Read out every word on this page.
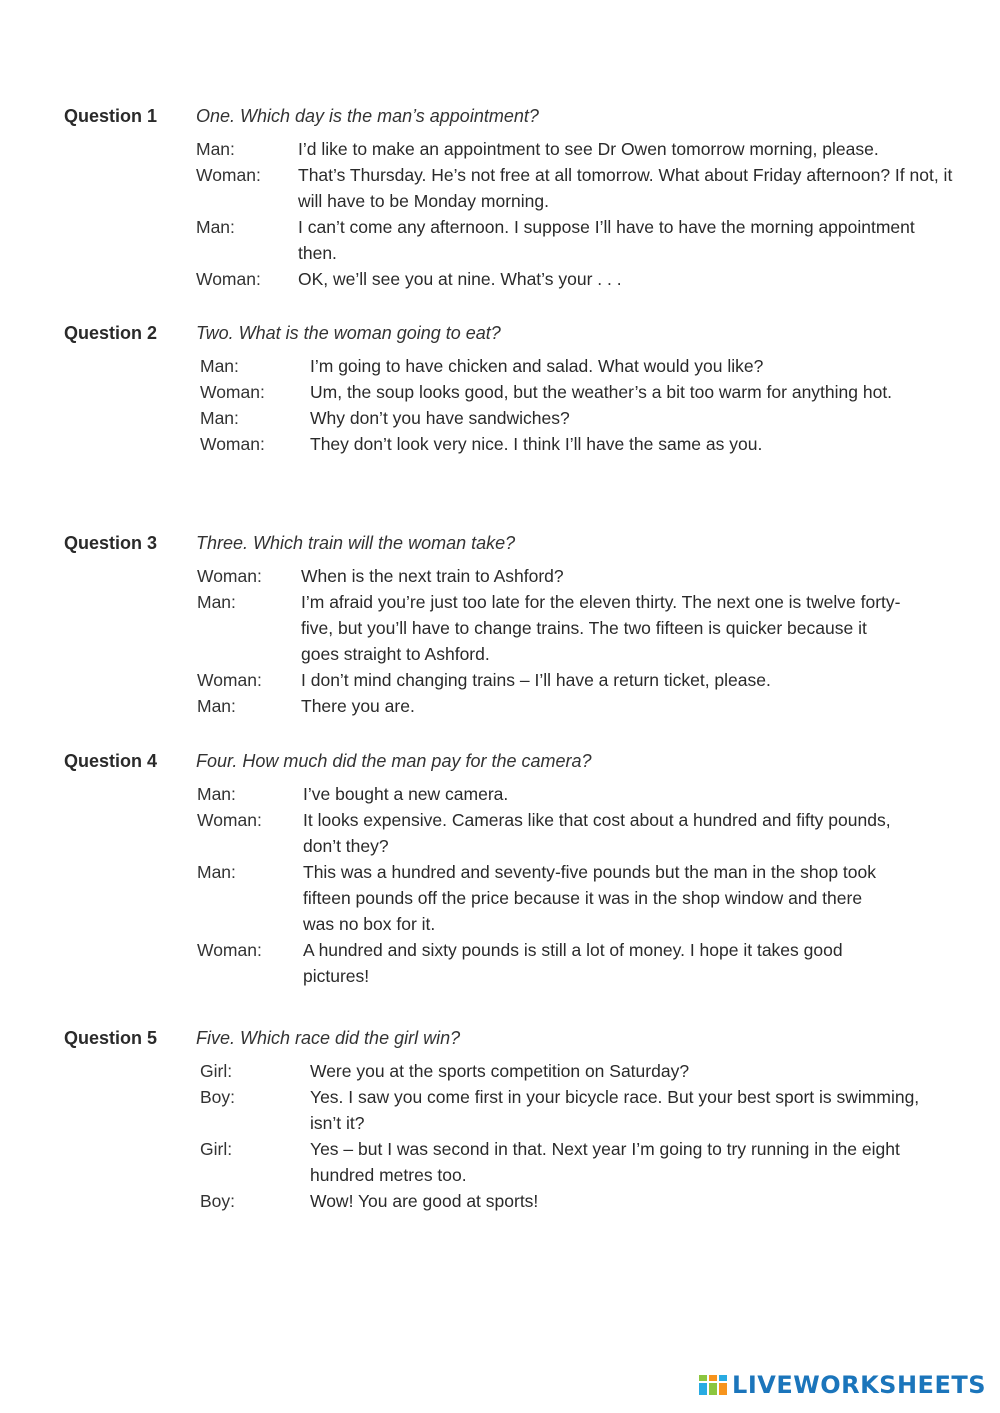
Question 1 One. Which day is the man’s appointment?
Man:	I’d like to make an appointment to see Dr Owen tomorrow morning, please.
Woman: That’s Thursday. He’s not free at all tomorrow. What about Friday afternoon? If not, it will have to be Monday morning.
Man:	I can’t come any afternoon. I suppose I’ll have to have the morning appointment then.
Woman: OK, we’ll see you at nine. What’s your . . .
Question 2 Two. What is the woman going to eat?
Man:	I’m going to have chicken and salad. What would you like?
Woman:	Um, the soup looks good, but the weather’s a bit too warm for anything hot.
Man:	Why don’t you have sandwiches?
Woman:	They don’t look very nice. I think I’ll have the same as you.
Question 3 Three. Which train will the woman take?
Woman: When is the next train to Ashford?
Man:	I’m afraid you’re just too late for the eleven thirty. The next one is twelve forty-five, but you’ll have to change trains. The two fifteen is quicker because it goes straight to Ashford.
Woman: I don’t mind changing trains – I’ll have a return ticket, please.
Man:	There you are.
Question 4 Four. How much did the man pay for the camera?
Man:	I’ve bought a new camera.
Woman: It looks expensive. Cameras like that cost about a hundred and fifty pounds, don’t they?
Man:	This was a hundred and seventy-five pounds but the man in the shop took fifteen pounds off the price because it was in the shop window and there was no box for it.
Woman: A hundred and sixty pounds is still a lot of money. I hope it takes good pictures!
Question 5 Five. Which race did the girl win?
Girl:	Were you at the sports competition on Saturday?
Boy:	Yes. I saw you come first in your bicycle race. But your best sport is swimming, isn’t it?
Girl:	Yes – but I was second in that. Next year I’m going to try running in the eight hundred metres too.
Boy:	Wow! You are good at sports!
LIVEWORKSHEETS
